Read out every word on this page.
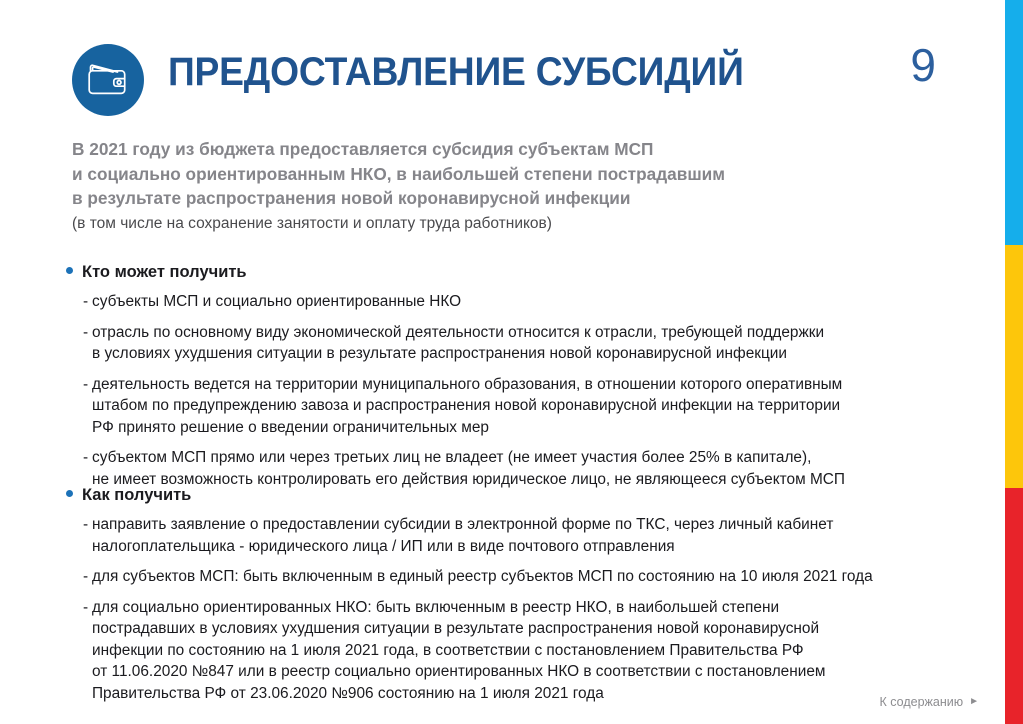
ПРЕДОСТАВЛЕНИЕ СУБСИДИЙ	9
В 2021 году из бюджета предоставляется субсидия субъектам МСП
и социально ориентированным НКО, в наибольшей степени пострадавшим
в результате распространения новой коронавирусной инфекции
(в том числе на сохранение занятости и оплату труда работников)
Кто может получить
- субъекты МСП и социально ориентированные НКО
- отрасль по основному виду экономической деятельности относится к отрасли, требующей поддержки
в условиях ухудшения ситуации в результате распространения новой коронавирусной инфекции
- деятельность ведется на территории муниципального образования, в отношении которого оперативным
штабом по предупреждению завоза и распространения новой коронавирусной инфекции на территории
РФ принято решение о введении ограничительных мер
- субъектом МСП прямо или через третьих лиц не владеет (не имеет участия более 25% в капитале),
не имеет возможность контролировать его действия юридическое лицо, не являющееся субъектом МСП
Как получить
- направить заявление о предоставлении субсидии в электронной форме по ТКС, через личный кабинет
налогоплательщика - юридического лица / ИП или в виде почтового отправления
- для субъектов МСП: быть включенным в единый реестр субъектов МСП по состоянию на 10 июля 2021 года
- для социально ориентированных НКО: быть включенным в реестр НКО, в наибольшей степени
пострадавших в условиях ухудшения ситуации в результате распространения новой коронавирусной
инфекции по состоянию на 1 июля 2021 года, в соответствии с постановлением Правительства РФ
от 11.06.2020 №847 или в реестр социально ориентированных НКО в соответствии с постановлением
Правительства РФ от 23.06.2020 №906 состоянию на 1 июля 2021 года
К содержанию ►
